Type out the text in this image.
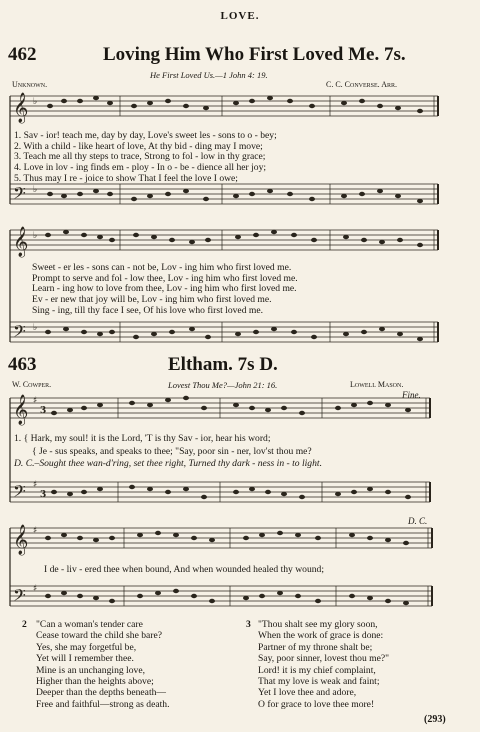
LOVE.
462	Loving Him Who First Loved Me. 7s.
He First Loved Us.—1 John 4: 19.
Unknown.	C. C. Converse. Arr.
𝄞
𝄢
♭
♭
1. Sav - ior! teach me, day by day, Love's sweet les - sons to o - bey;
2. With a child - like heart of love, At thy bid - ding may I move;
3. Teach me all thy steps to trace, Strong to fol - low in thy grace;
4. Love in lov - ing finds em - ploy - In o - be - dience all her joy;
5. Thus may I re - joice to show That I feel the love I owe;
𝄞
𝄢
♭
♭
Sweet - er les - sons can - not be, Lov - ing him who first loved me.
Prompt to serve and fol - low thee, Lov - ing him who first loved me.
Learn - ing how to love from thee, Lov - ing him who first loved me.
Ev - er new that joy will be, Lov - ing him who first loved me.
Sing - ing, till thy face I see, Of his love who first loved me.
463	Eltham. 7s D.
Lovest Thou Me?—John 21: 16.
W. Cowper.	Lowell Mason.
Fine.
𝄞
𝄢
♯
♯
3
3
1. { Hark, my soul! it is the Lord, 'T is thy Sav - ior, hear his word;
{ Je - sus speaks, and speaks to thee; "Say, poor sin - ner, lov'st thou me?
D. C.–Sought thee wan-d'ring, set thee right, Turned thy dark - ness in - to light.
D. C.
𝄞
𝄢
♯
♯
I de - liv - ered thee when bound, And when wounded healed thy wound;
2 "Can a woman's tender care
Cease toward the child she bare?
Yes, she may forgetful be,
Yet will I remember thee.
Mine is an unchanging love,
Higher than the heights above;
Deeper than the depths beneath—
Free and faithful—strong as death.
3 "Thou shalt see my glory soon,
When the work of grace is done:
Partner of my throne shalt be;
Say, poor sinner, lovest thou me?"
Lord! it is my chief complaint,
That my love is weak and faint;
Yet I love thee and adore,
O for grace to love thee more!
(293)
